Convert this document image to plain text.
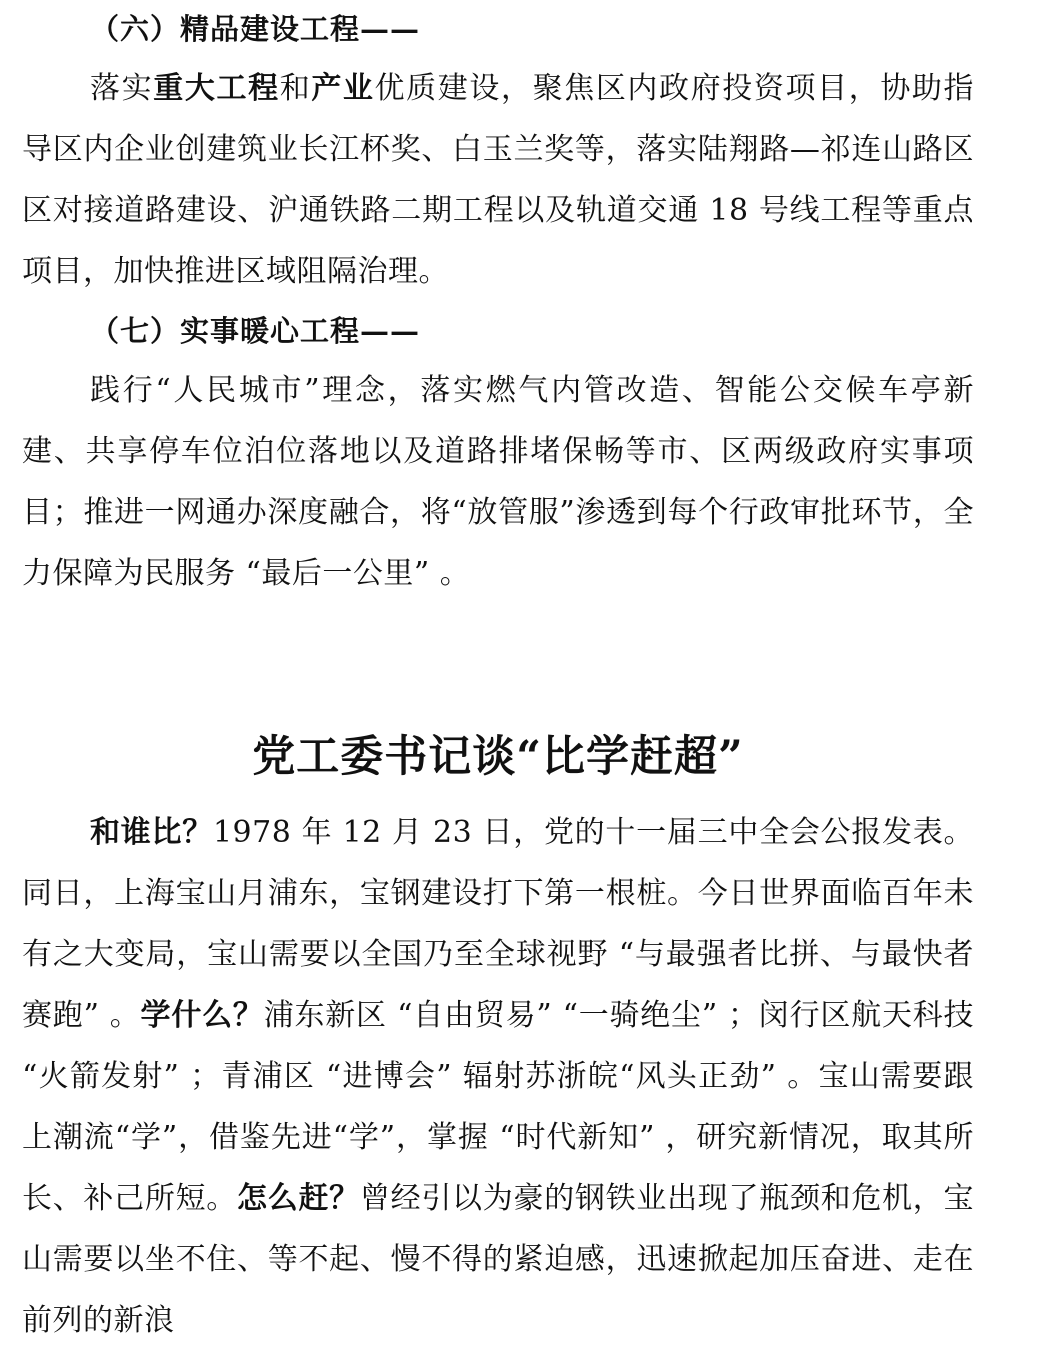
（六）精品建设工程——

落实重大工程和产业优质建设，聚焦区内政府投资项目，协助指导区内企业创建筑业长江杯奖、白玉兰奖等，落实陆翔路—祁连山路区区对接道路建设、沪通铁路二期工程以及轨道交通 18 号线工程等重点项目，加快推进区域阻隔治理。

（七）实事暖心工程——

践行“人民城市”理念，落实燃气内管改造、智能公交候车亭新建、共享停车位泊位落地以及道路排堵保畅等市、区两级政府实事项目；推进一网通办深度融合，将“放管服”渗透到每个行政审批环节，全力保障为民服务 “最后一公里” 。

党工委书记谈“比学赶超”

和谁比？1978 年 12 月 23 日，党的十一届三中全会公报发表。同日，上海宝山月浦东，宝钢建设打下第一根桩。今日世界面临百年未有之大变局，宝山需要以全国乃至全球视野 “与最强者比拼、与最快者赛跑” 。学什么？浦东新区 “自由贸易” “一骑绝尘” ；闵行区航天科技 “火箭发射” ；青浦区 “进博会” 辐射苏浙皖“风头正劲” 。宝山需要跟上潮流“学”，借鉴先进“学”，掌握 “时代新知” ，研究新情况，取其所长、补己所短。怎么赶？曾经引以为豪的钢铁业出现了瓶颈和危机，宝山需要以坐不住、等不起、慢不得的紧迫感，迅速掀起加压奋进、走在前列的新浪
